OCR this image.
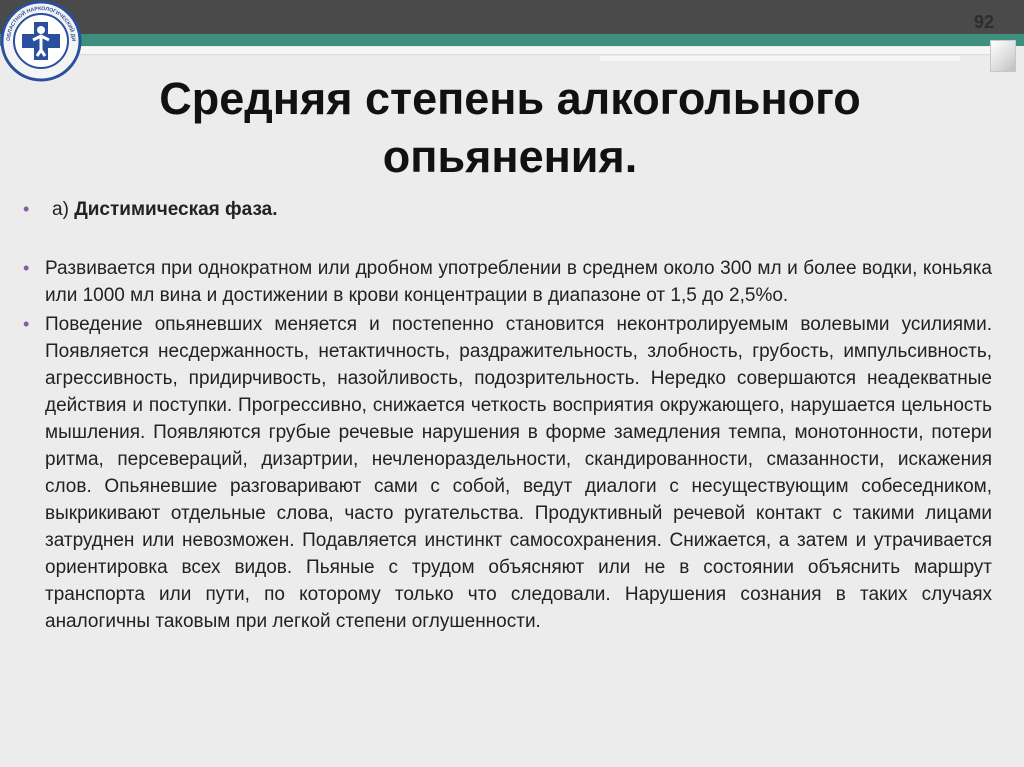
92
ОБЛАСТНОЙ НАРКОЛОГИЧЕСКИЙ ДИ
Средняя степень алкогольного опьянения.
• а) Дистимическая фаза.
• Развивается при однократном или дробном употреблении в среднем около 300 мл и более водки, коньяка или 1000 мл вина и достижении в крови концентрации в диапазоне от 1,5 до 2,5%о.
• Поведение опьяневших меняется и постепенно становится неконтролируемым волевыми усилиями. Появляется несдержанность, нетактичность, раздражительность, злобность, грубость, импульсивность, агрессивность, придирчивость, назойливость, подозрительность. Нередко совершаются неадекватные действия и поступки. Прогрессивно, снижается четкость восприятия окружающего, нарушается цельность мышления. Появляются грубые речевые нарушения в форме замедления темпа, монотонности, потери ритма, персевераций, дизартрии, нечленораздельности, скандированности, смазанности, искажения слов. Опьяневшие разговаривают сами с собой, ведут диалоги с несуществующим собеседником, выкрикивают отдельные слова, часто ругательства. Продуктивный речевой контакт с такими лицами затруднен или невозможен. Подавляется инстинкт самосохранения. Снижается, а затем и утрачивается ориентировка всех видов. Пьяные с трудом объясняют или не в состоянии объяснить маршрут транспорта или пути, по которому только что следовали. Нарушения сознания в таких случаях аналогичны таковым при легкой степени оглушенности.
